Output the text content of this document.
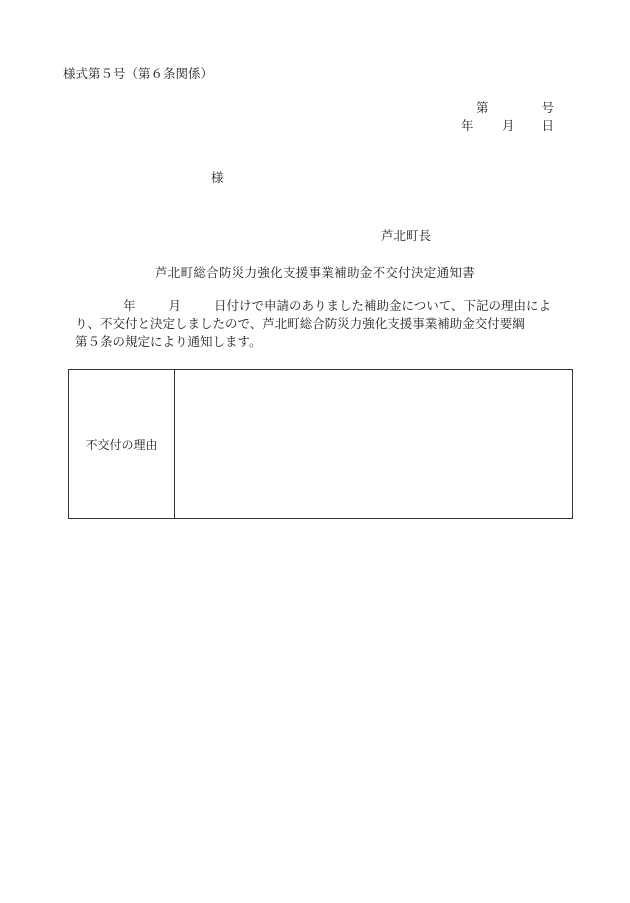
様式第５号（第６条関係）
第	号
年 月 日
様
芦北町長
芦北町総合防災力強化支援事業補助金不交付決定通知書
年	月	日付けで申請のありました補助金について、下記の理由によ
り、不交付と決定しましたので、芦北町総合防災力強化支援事業補助金交付要綱
第５条の規定により通知します。
不交付の理由
